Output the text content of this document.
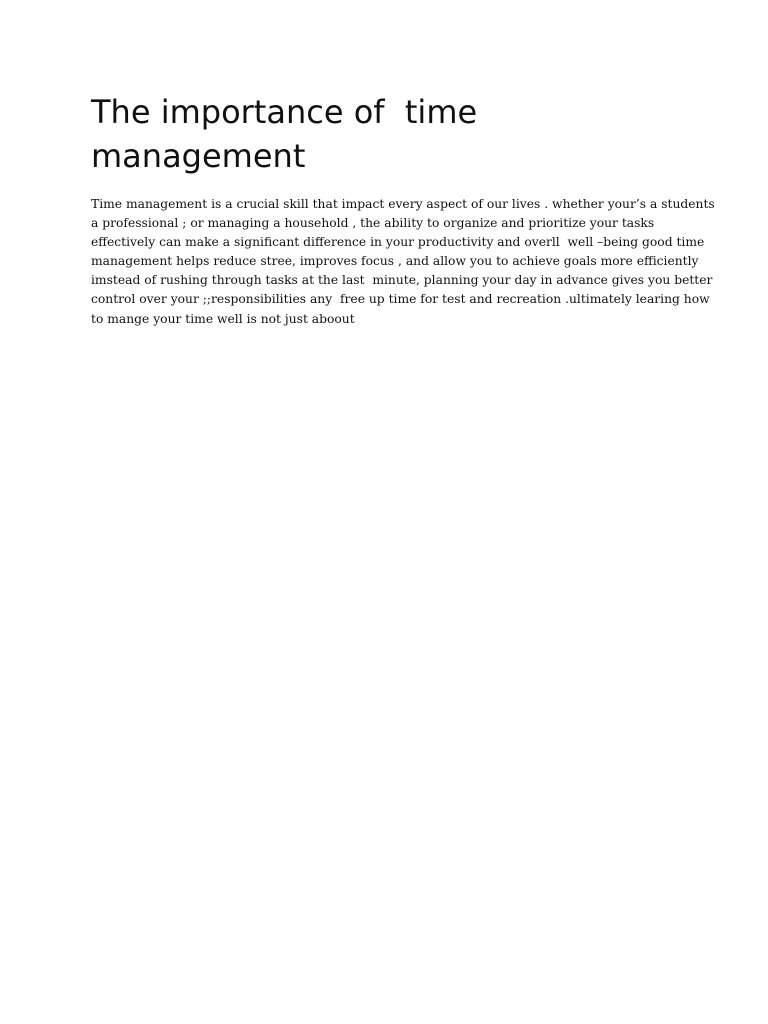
The importance of  time
management

Time management is a crucial skill that impact every aspect of our lives . whether your’s a students
a professional ; or managing a household , the ability to organize and prioritize your tasks
effectively can make a significant difference in your productivity and overll  well –being good time
management helps reduce stree, improves focus , and allow you to achieve goals more efficiently
imstead of rushing through tasks at the last  minute, planning your day in advance gives you better
control over your ;;responsibilities any  free up time for test and recreation .ultimately learing how
to mange your time well is not just aboout
